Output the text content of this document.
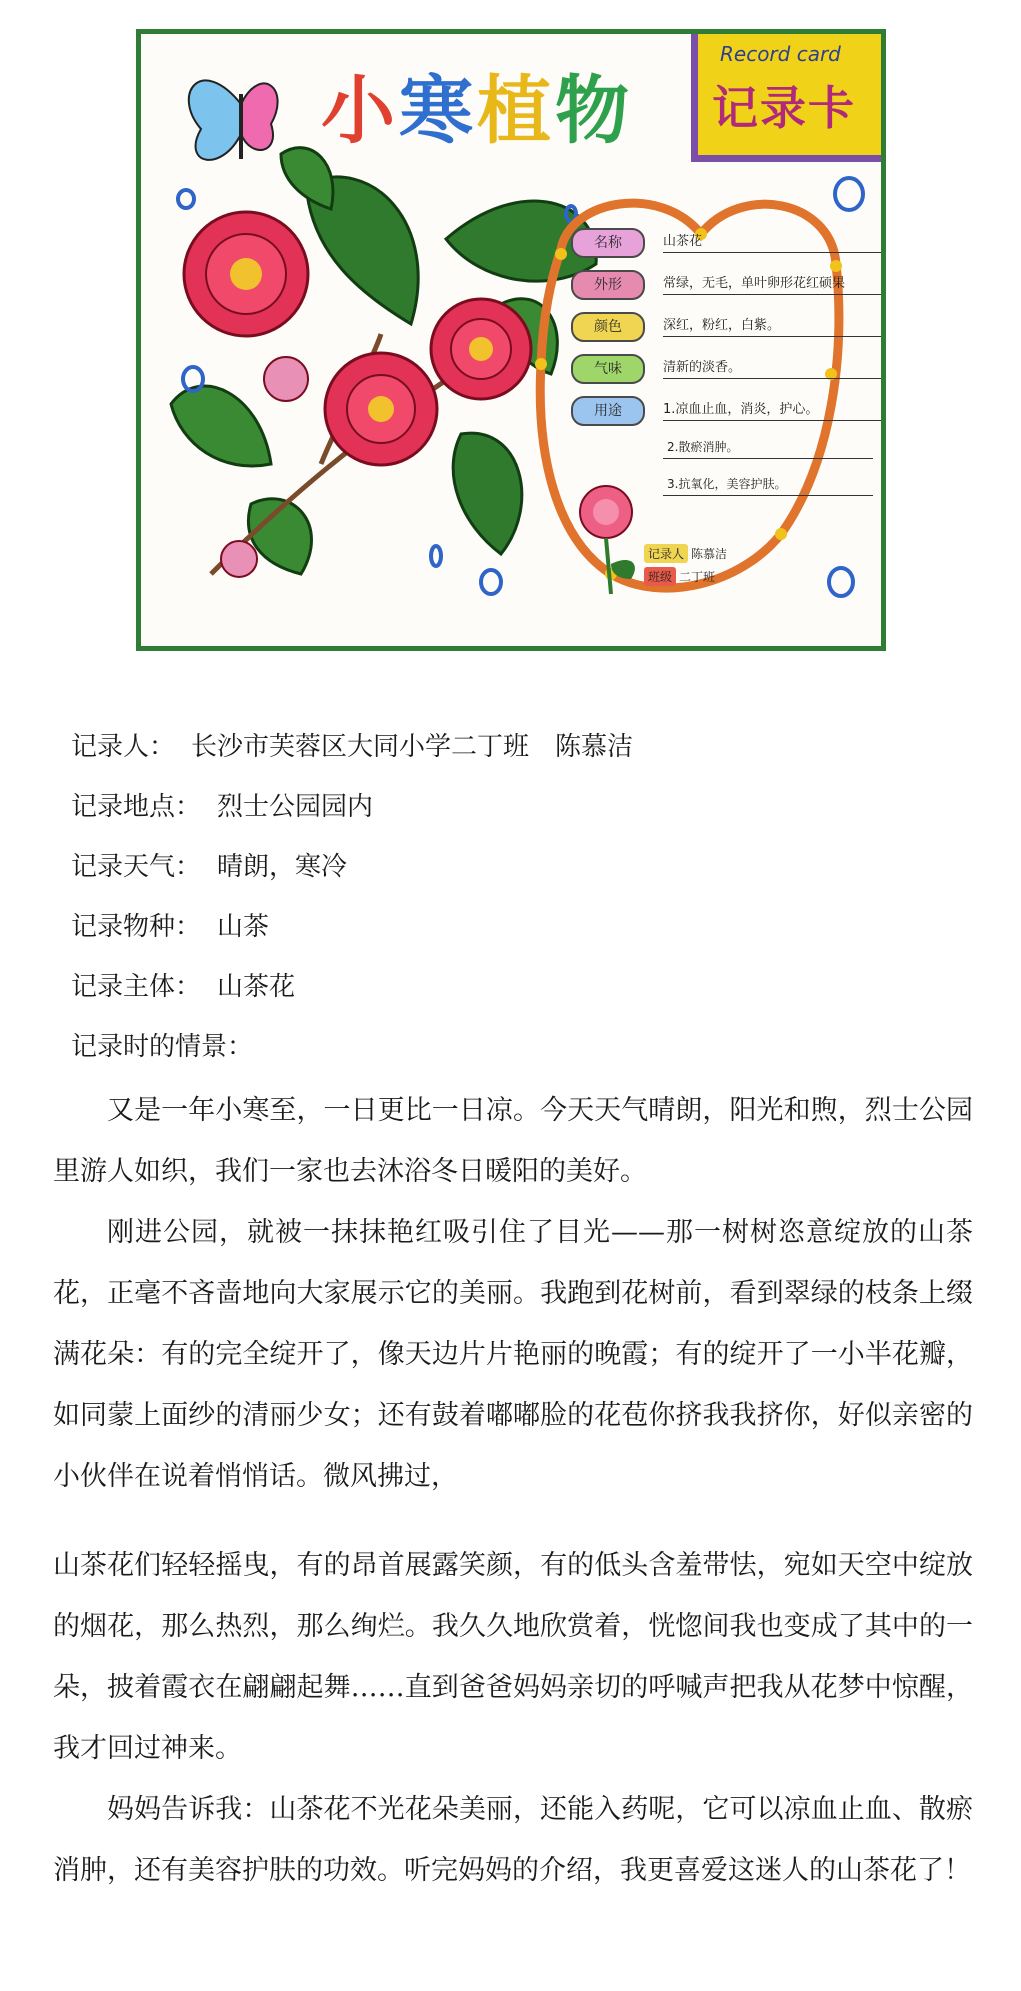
小寒植物
Record card
记录卡
名称	山茶花
外形	常绿，无毛，单叶卵形花红硕果
颜色	深红，粉红，白紫。
气味	清新的淡香。
用途	1.凉血止血，消炎，护心。
2.散瘀消肿。
3.抗氧化，美容护肤。
记录人 陈慕洁
班级 二丁班
记录人： 长沙市芙蓉区大同小学二丁班　陈慕洁
记录地点： 烈士公园园内
记录天气： 晴朗，寒冷
记录物种： 山茶
记录主体： 山茶花
记录时的情景：

又是一年小寒至，一日更比一日凉。今天天气晴朗，阳光和煦，烈士公园里游人如织，我们一家也去沐浴冬日暖阳的美好。

刚进公园，就被一抹抹艳红吸引住了目光——那一树树恣意绽放的山茶花，正毫不吝啬地向大家展示它的美丽。我跑到花树前，看到翠绿的枝条上缀满花朵：有的完全绽开了，像天边片片艳丽的晚霞；有的绽开了一小半花瓣，如同蒙上面纱的清丽少女；还有鼓着嘟嘟脸的花苞你挤我我挤你，好似亲密的小伙伴在说着悄悄话。微风拂过，

山茶花们轻轻摇曳，有的昂首展露笑颜，有的低头含羞带怯，宛如天空中绽放的烟花，那么热烈，那么绚烂。我久久地欣赏着，恍惚间我也变成了其中的一朵，披着霞衣在翩翩起舞……直到爸爸妈妈亲切的呼喊声把我从花梦中惊醒，我才回过神来。

妈妈告诉我：山茶花不光花朵美丽，还能入药呢，它可以凉血止血、散瘀消肿，还有美容护肤的功效。听完妈妈的介绍，我更喜爱这迷人的山茶花了！
